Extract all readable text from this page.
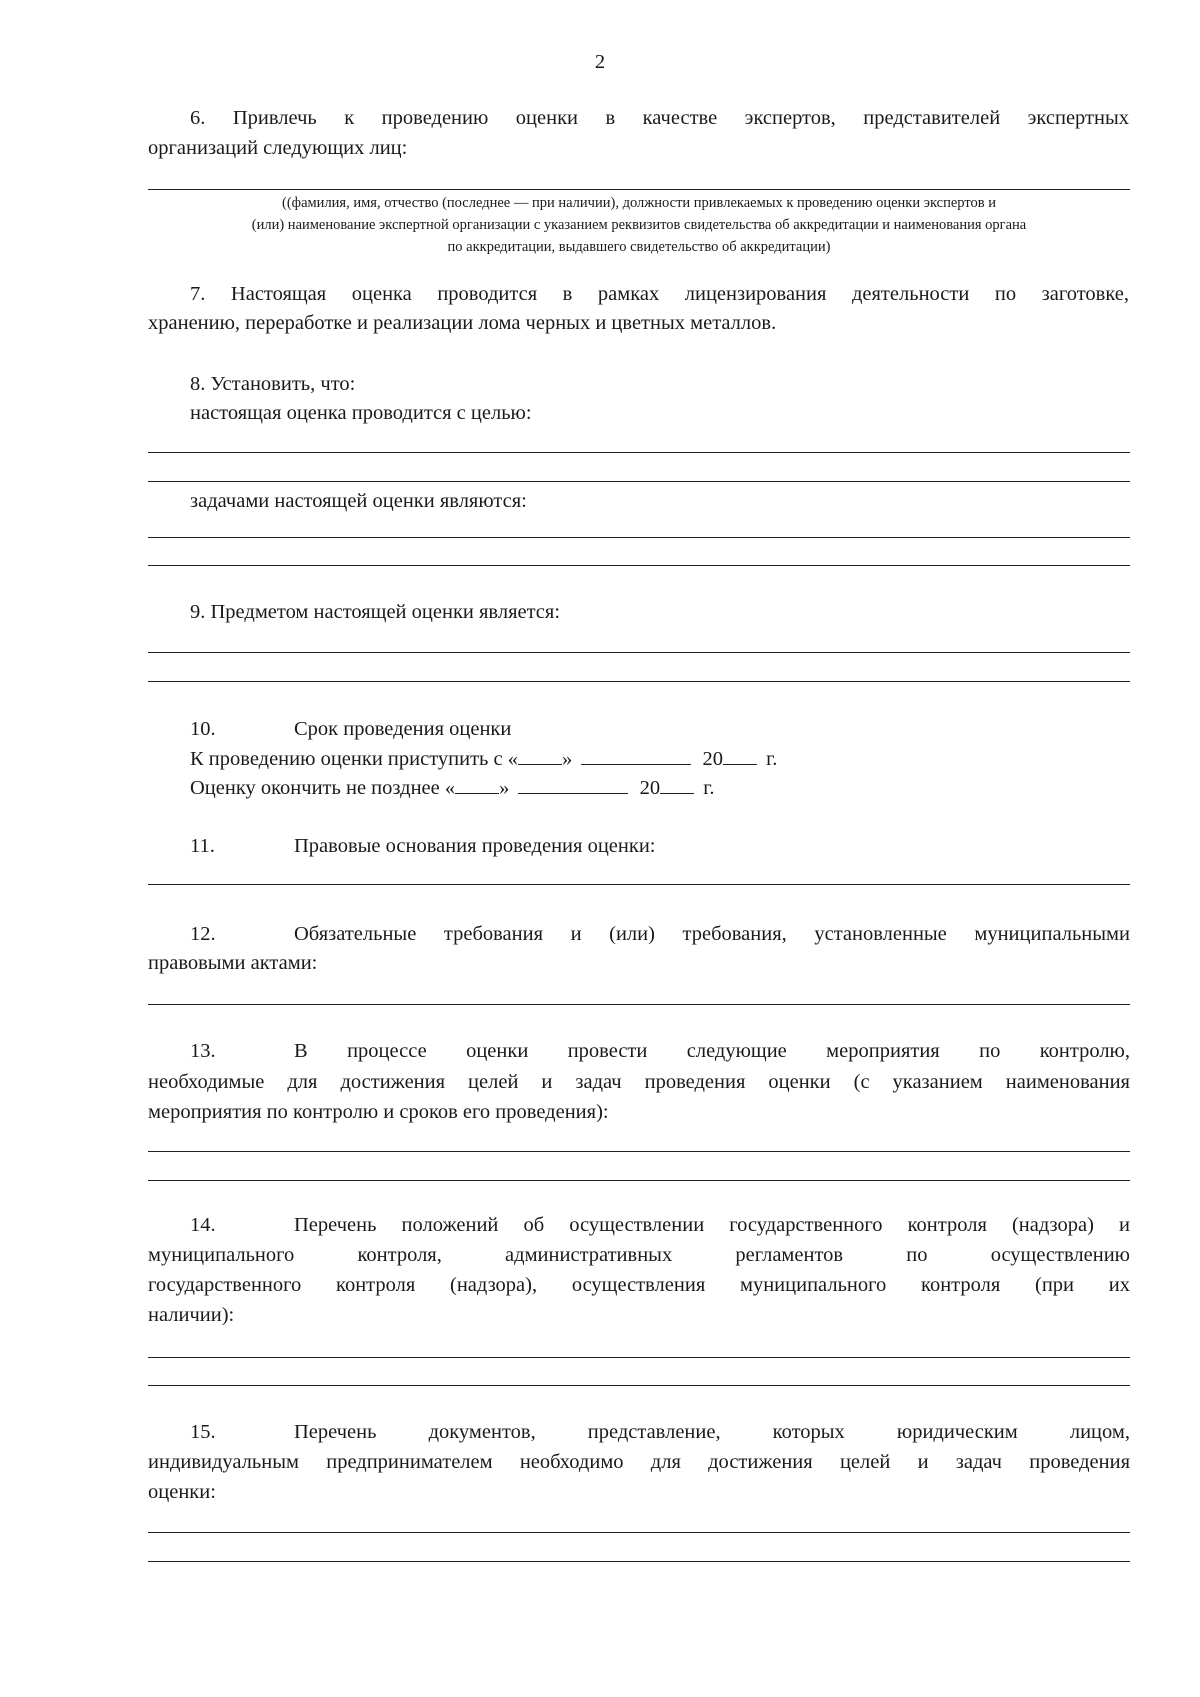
2
6. Привлечь к проведению оценки в качестве экспертов, представителей экспертных
организаций следующих лиц:
((фамилия, имя, отчество (последнее — при наличии), должности привлекаемых к проведению оценки экспертов и
(или) наименование экспертной организации с указанием реквизитов свидетельства об аккредитации и наименования органа
по аккредитации, выдавшего свидетельство об аккредитации)
7. Настоящая оценка проводится в рамках лицензирования деятельности по заготовке,
хранению, переработке и реализации лома черных и цветных металлов.
8. Установить, что:
настоящая оценка проводится с целью:
задачами настоящей оценки являются:
9. Предметом настоящей оценки является:
10.	Срок проведения оценки
К проведению оценки приступить с « »	20 г.
Оценку окончить не позднее « »	20 г.
11.	Правовые основания проведения оценки:
12.	Обязательные требования и (или) требования, установленные муниципальными
правовыми актами:
13.	В процессе оценки провести следующие мероприятия по контролю,
необходимые для достижения целей и задач проведения оценки (с указанием наименования
мероприятия по контролю и сроков его проведения):
14.	Перечень положений об осуществлении государственного контроля (надзора) и
муниципального контроля, административных регламентов по осуществлению
государственного контроля (надзора), осуществления муниципального контроля (при их
наличии):
15.	Перечень документов, представление, которых юридическим лицом,
индивидуальным предпринимателем необходимо для достижения целей и задач проведения
оценки:
